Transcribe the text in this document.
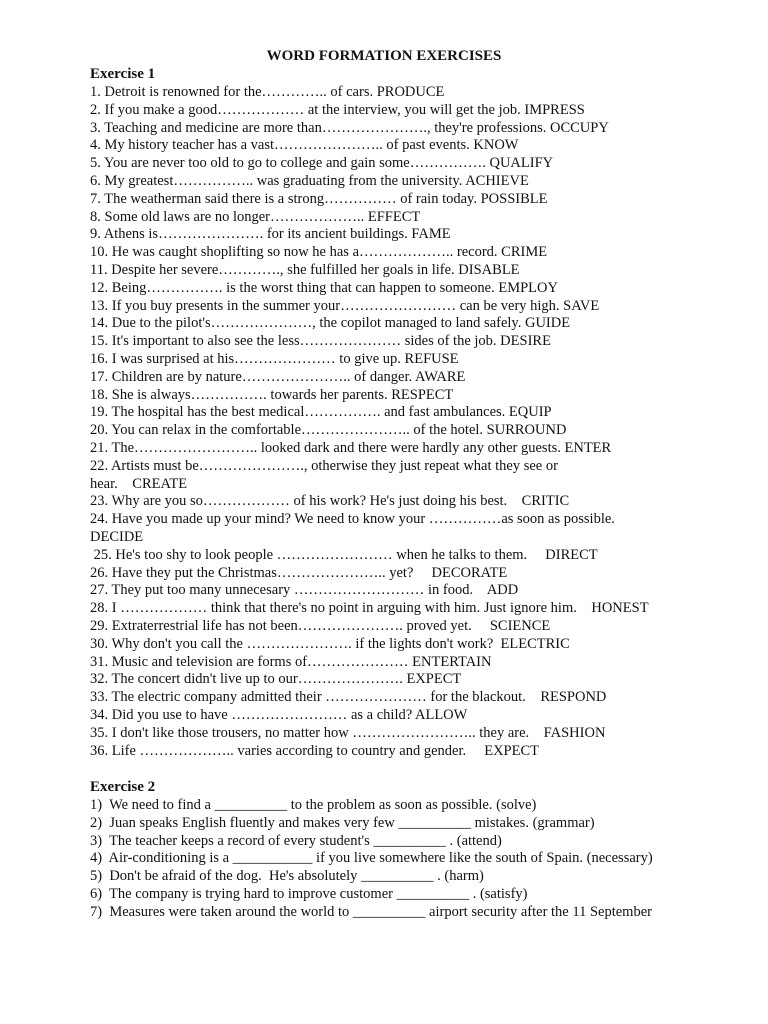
WORD FORMATION EXERCISES
Exercise 1
1. Detroit is renowned for the………….. of cars. PRODUCE
2. If you make a good……………… at the interview, you will get the job. IMPRESS
3. Teaching and medicine are more than…………………., they're professions. OCCUPY
4. My history teacher has a vast………………….. of past events. KNOW
5. You are never too old to go to college and gain some……………. QUALIFY
6. My greatest…………….. was graduating from the university. ACHIEVE
7. The weatherman said there is a strong…………… of rain today. POSSIBLE
8. Some old laws are no longer……………….. EFFECT
9. Athens is…………………. for its ancient buildings. FAME
10. He was caught shoplifting so now he has a……………….. record. CRIME
11. Despite her severe…………., she fulfilled her goals in life. DISABLE
12. Being……………. is the worst thing that can happen to someone. EMPLOY
13. If you buy presents in the summer your…………………… can be very high. SAVE
14. Due to the pilot's…………………, the copilot managed to land safely. GUIDE
15. It's important to also see the less………………… sides of the job. DESIRE
16. I was surprised at his………………… to give up. REFUSE
17. Children are by nature………………….. of danger. AWARE
18. She is always……………. towards her parents. RESPECT
19. The hospital has the best medical……………. and fast ambulances. EQUIP
20. You can relax in the comfortable………………….. of the hotel. SURROUND
21. The…………………….. looked dark and there were hardly any other guests. ENTER
22. Artists must be…………………., otherwise they just repeat what they see or
hear.    CREATE
23. Why are you so……………… of his work? He's just doing his best.    CRITIC
24. Have you made up your mind? We need to know your ……………as soon as possible.
DECIDE
25. He's too shy to look people …………………… when he talks to them.     DIRECT
26. Have they put the Christmas………………….. yet?     DECORATE
27. They put too many unnecesary ……………………… in food.    ADD
28. I ……………… think that there's no point in arguing with him. Just ignore him.    HONEST
29. Extraterrestrial life has not been…………………. proved yet.     SCIENCE
30. Why don't you call the …………………. if the lights don't work?  ELECTRIC
31. Music and television are forms of………………… ENTERTAIN
32. The concert didn't live up to our…………………. EXPECT
33. The electric company admitted their ………………… for the blackout.    RESPOND
34. Did you use to have …………………… as a child? ALLOW
35. I don't like those trousers, no matter how …………………….. they are.    FASHION
36. Life ……………….. varies according to country and gender.     EXPECT
Exercise 2
1)  We need to find a __________ to the problem as soon as possible. (solve)
2)  Juan speaks English fluently and makes very few __________ mistakes. (grammar)
3)  The teacher keeps a record of every student's __________ . (attend)
4)  Air-conditioning is a ___________ if you live somewhere like the south of Spain. (necessary)
5)  Don't be afraid of the dog.  He's absolutely __________ . (harm)
6)  The company is trying hard to improve customer __________ . (satisfy)
7)  Measures were taken around the world to __________ airport security after the 11 September
